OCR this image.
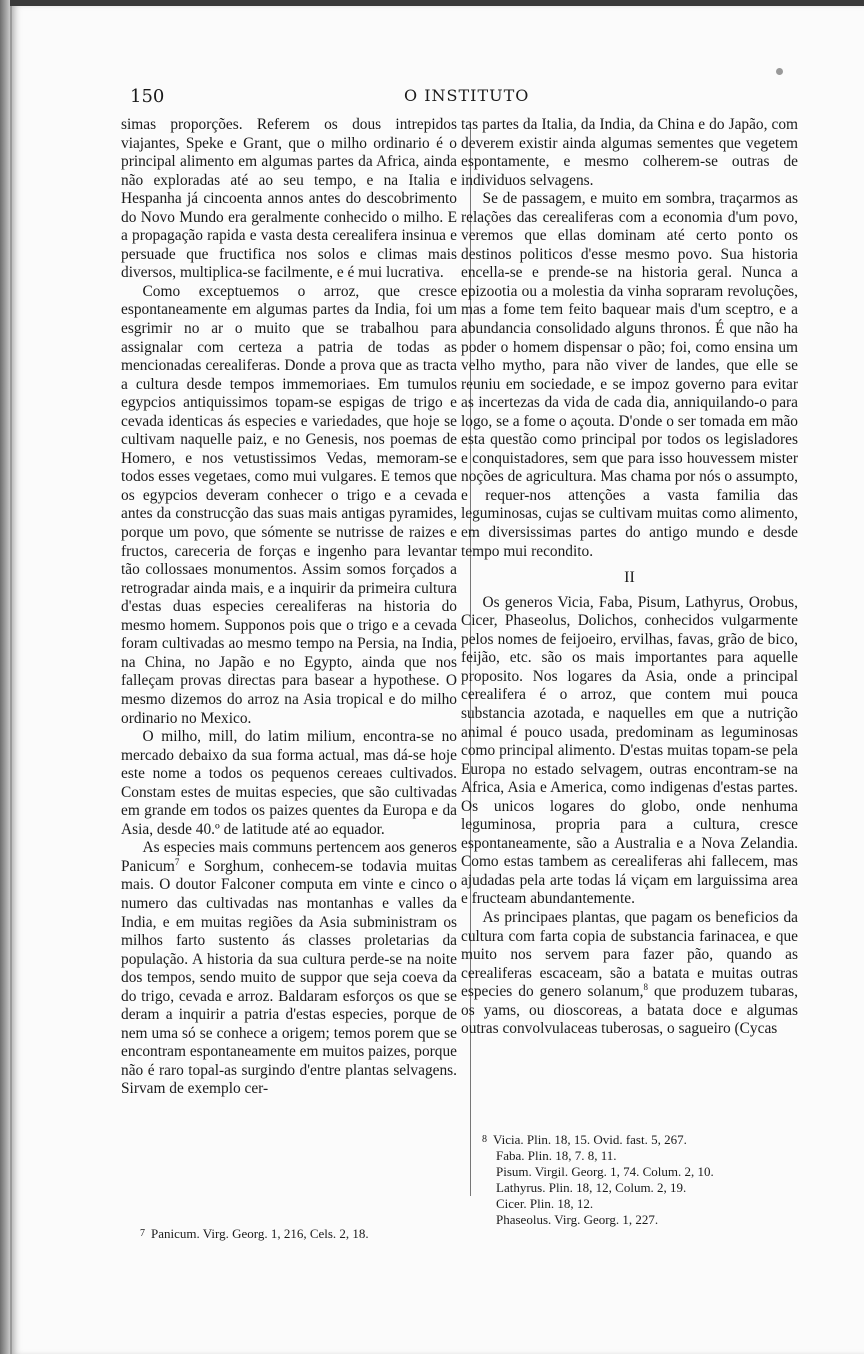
150	O INSTITUTO

simas proporções. Referem os dous intrepidos viajantes, Speke e Grant, que o milho ordinario é o principal alimento em algumas partes da Africa, ainda não exploradas até ao seu tempo, e na Italia e Hespanha já cincoenta annos antes do descobrimento do Novo Mundo era geralmente conhecido o milho. E a propagação rapida e vasta desta cerealifera insinua e persuade que fructifica nos solos e climas mais diversos, multiplica-se facilmente, e é mui lucrativa.

Como exceptuemos o arroz, que cresce espontaneamente em algumas partes da India, foi um esgrimir no ar o muito que se trabalhou para assignalar com certeza a patria de todas as mencionadas cerealiferas. Donde a prova que as tracta a cultura desde tempos immemoriaes. Em tumulos egypcios antiquissimos topam-se espigas de trigo e cevada identicas ás especies e variedades, que hoje se cultivam naquelle paiz, e no Genesis, nos poemas de Homero, e nos vetustissimos Vedas, memoram-se todos esses vegetaes, como mui vulgares. E temos que os egypcios deveram conhecer o trigo e a cevada antes da construcção das suas mais antigas pyramides, porque um povo, que sómente se nutrisse de raizes e fructos, careceria de forças e ingenho para levantar tão collossaes monumentos. Assim somos forçados a retrogradar ainda mais, e a inquirir da primeira cultura d'estas duas especies cerealiferas na historia do mesmo homem. Supponos pois que o trigo e a cevada foram cultivadas ao mesmo tempo na Persia, na India, na China, no Japão e no Egypto, ainda que nos falleçam provas directas para basear a hypothese. O mesmo dizemos do arroz na Asia tropical e do milho ordinario no Mexico.

O milho, mill, do latim milium, encontra-se no mercado debaixo da sua forma actual, mas dá-se hoje este nome a todos os pequenos cereaes cultivados. Constam estes de muitas especies, que são cultivadas em grande em todos os paizes quentes da Europa e da Asia, desde 40.º de latitude até ao equador.

As especies mais communs pertencem aos generos Panicum$^7$ e Sorghum, conhecem-se todavia muitas mais. O doutor Falconer computa em vinte e cinco o numero das cultivadas nas montanhas e valles da India, e em muitas regiões da Asia subministram os milhos farto sustento ás classes proletarias da população. A historia da sua cultura perde-se na noite dos tempos, sendo muito de suppor que seja coeva da do trigo, cevada e arroz. Baldaram esforços os que se deram a inquirir a patria d'estas especies, porque de nem uma só se conhece a origem; temos porem que se encontram espontaneamente em muitos paizes, porque não é raro topal-as surgindo d'entre plantas selvagens. Sirvam de exemplo cer-

tas partes da Italia, da India, da China e do Japão, com deverem existir ainda algumas sementes que vegetem espontamente, e mesmo colherem-se outras de individuos selvagens.

Se de passagem, e muito em sombra, traçarmos as relações das cerealiferas com a economia d'um povo, veremos que ellas dominam até certo ponto os destinos politicos d'esse mesmo povo. Sua historia encella-se e prende-se na historia geral. Nunca a epizootia ou a molestia da vinha sopraram revoluções, mas a fome tem feito baquear mais d'um sceptro, e a abundancia consolidado alguns thronos. É que não ha poder o homem dispensar o pão; foi, como ensina um velho mytho, para não viver de landes, que elle se reuniu em sociedade, e se impoz governo para evitar as incertezas da vida de cada dia, anniquilando-o para logo, se a fome o açouta. D'onde o ser tomada em mão esta questão como principal por todos os legisladores e conquistadores, sem que para isso houvessem mister noções de agricultura. Mas chama por nós o assumpto, e requer-nos attenções a vasta familia das leguminosas, cujas se cultivam muitas como alimento, em diversissimas partes do antigo mundo e desde tempo mui recondito.

II

Os generos Vicia, Faba, Pisum, Lathyrus, Orobus, Cicer, Phaseolus, Dolichos, conhecidos vulgarmente pelos nomes de feijoeiro, ervilhas, favas, grão de bico, feijão, etc. são os mais importantes para aquelle proposito. Nos logares da Asia, onde a principal cerealifera é o arroz, que contem mui pouca substancia azotada, e naquelles em que a nutrição animal é pouco usada, predominam as leguminosas como principal alimento. D'estas muitas topam-se pela Europa no estado selvagem, outras encontram-se na Africa, Asia e America, como indigenas d'estas partes. Os unicos logares do globo, onde nenhuma leguminosa, propria para a cultura, cresce espontaneamente, são a Australia e a Nova Zelandia. Como estas tambem as cerealiferas ahi fallecem, mas ajudadas pela arte todas lá viçam em larguissima area e fructeam abundantemente.

As principaes plantas, que pagam os beneficios da cultura com farta copia de substancia farinacea, e que muito nos servem para fazer pão, quando as cerealiferas escaceam, são a batata e muitas outras especies do genero solanum,$^8$ que produzem tubaras, os yams, ou dioscoreas, a batata doce e algumas outras convolvulaceas tuberosas, o sagueiro (Cycas

$^7$ Panicum. Virg. Georg. 1, 216, Cels. 2, 18.
$^8$ Vicia. Plin. 18, 15. Ovid. fast. 5, 267.
Faba. Plin. 18, 7. 8, 11.
Pisum. Virgil. Georg. 1, 74. Colum. 2, 10.
Lathyrus. Plin. 18, 12, Colum. 2, 19.
Cicer. Plin. 18, 12.
Phaseolus. Virg. Georg. 1, 227.
